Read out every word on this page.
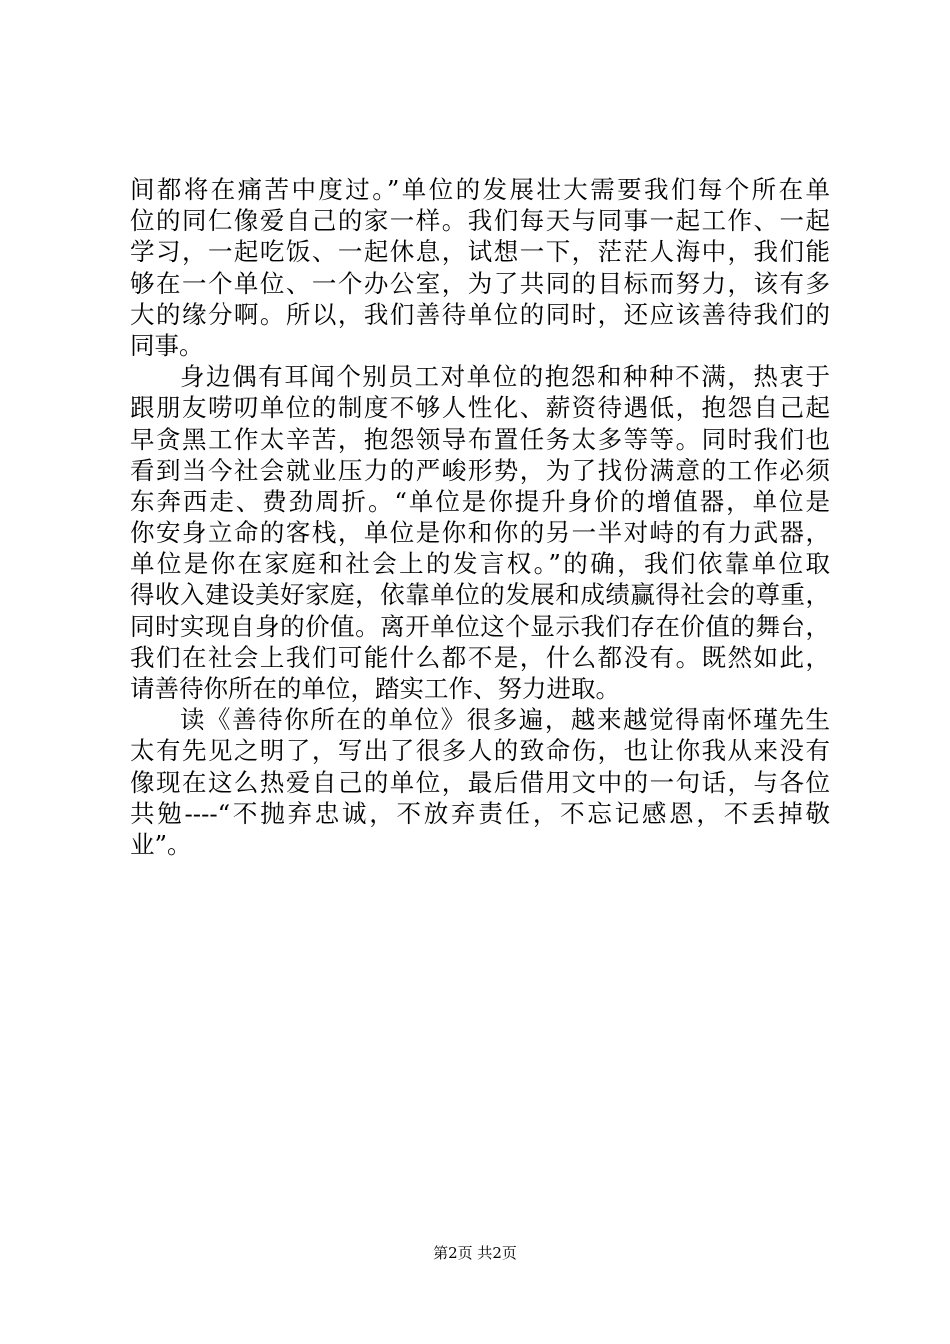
间都将在痛苦中度过。”单位的发展壮大需要我们每个所在单
位的同仁像爱自己的家一样。我们每天与同事一起工作、一起
学习，一起吃饭、一起休息，试想一下，茫茫人海中，我们能
够在一个单位、一个办公室，为了共同的目标而努力，该有多
大的缘分啊。所以，我们善待单位的同时，还应该善待我们的
同事。
身边偶有耳闻个别员工对单位的抱怨和种种不满，热衷于
跟朋友唠叨单位的制度不够人性化、薪资待遇低，抱怨自己起
早贪黑工作太辛苦，抱怨领导布置任务太多等等。同时我们也
看到当今社会就业压力的严峻形势，为了找份满意的工作必须
东奔西走、费劲周折。“单位是你提升身价的增值器，单位是
你安身立命的客栈，单位是你和你的另一半对峙的有力武器，
单位是你在家庭和社会上的发言权。”的确，我们依靠单位取
得收入建设美好家庭，依靠单位的发展和成绩赢得社会的尊重，
同时实现自身的价值。离开单位这个显示我们存在价值的舞台，
我们在社会上我们可能什么都不是，什么都没有。既然如此，
请善待你所在的单位，踏实工作、努力进取。
读《善待你所在的单位》很多遍，越来越觉得南怀瑾先生
太有先见之明了，写出了很多人的致命伤，也让你我从来没有
像现在这么热爱自己的单位，最后借用文中的一句话，与各位
共勉----“不抛弃忠诚，不放弃责任，不忘记感恩，不丢掉敬
业”。
第2页 共2页
